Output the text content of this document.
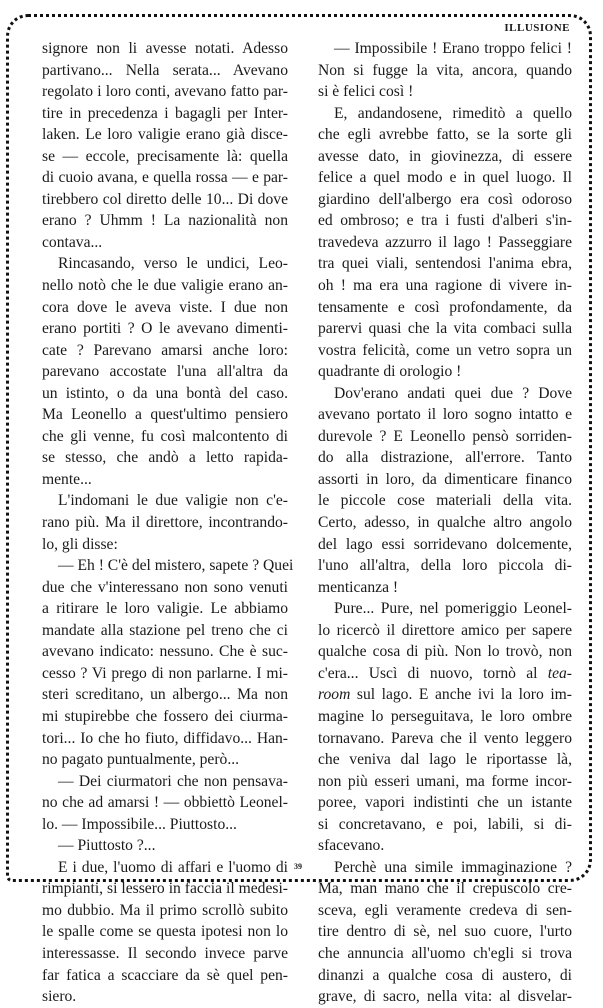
ILLUSIONE
signore non li avesse notati. Adesso
partivano... Nella serata... Avevano
regolato i loro conti, avevano fatto par-
tire in precedenza i bagagli per Inter-
laken. Le loro valigie erano già disce-
se — eccole, precisamente là: quella
di cuoio avana, e quella rossa — e par-
tirebbero col diretto delle 10... Di dove
erano ? Uhmm ! La nazionalità non
contava...
Rincasando, verso le undici, Leo-
nello notò che le due valigie erano an-
cora dove le aveva viste. I due non
erano portiti ? O le avevano dimenti-
cate ? Parevano amarsi anche loro:
parevano accostate l'una all'altra da
un istinto, o da una bontà del caso.
Ma Leonello a quest'ultimo pensiero
che gli venne, fu così malcontento di
se stesso, che andò a letto rapida-
mente...
L'indomani le due valigie non c'e-
rano più. Ma il direttore, incontrando-
lo, gli disse:
— Eh ! C'è del mistero, sapete ? Quei
due che v'interessano non sono venuti
a ritirare le loro valigie. Le abbiamo
mandate alla stazione pel treno che ci
avevano indicato: nessuno. Che è suc-
cesso ? Vi prego di non parlarne. I mi-
steri screditano, un albergo... Ma non
mi stupirebbe che fossero dei ciurma-
tori... Io che ho fiuto, diffidavo... Han-
no pagato puntualmente, però...
— Dei ciurmatori che non pensava-
no che ad amarsi ! — obbiettò Leonel-
lo. — Impossibile... Piuttosto...
— Piuttosto ?...
E i due, l'uomo di affari e l'uomo di
rimpianti, si lessero in faccia il medesi-
mo dubbio. Ma il primo scrollò subito
le spalle come se questa ipotesi non lo
interessasse. Il secondo invece parve
far fatica a scacciare da sè quel pen-
siero.
— Impossibile ! Erano troppo felici !
Non si fugge la vita, ancora, quando
si è felici così !
E, andandosene, rimeditò a quello
che egli avrebbe fatto, se la sorte gli
avesse dato, in giovinezza, di essere
felice a quel modo e in quel luogo. Il
giardino dell'albergo era così odoroso
ed ombroso; e tra i fusti d'alberi s'in-
travedeva azzurro il lago ! Passeggiare
tra quei viali, sentendosi l'anima ebra,
oh ! ma era una ragione di vivere in-
tensamente e così profondamente, da
parervi quasi che la vita combaci sulla
vostra felicità, come un vetro sopra un
quadrante di orologio !
Dov'erano andati quei due ? Dove
avevano portato il loro sogno intatto e
durevole ? E Leonello pensò sorriden-
do alla distrazione, all'errore. Tanto
assorti in loro, da dimenticare financo
le piccole cose materiali della vita.
Certo, adesso, in qualche altro angolo
del lago essi sorridevano dolcemente,
l'uno all'altra, della loro piccola di-
menticanza !
Pure... Pure, nel pomeriggio Leonel-
lo ricercò il direttore amico per sapere
qualche cosa di più. Non lo trovò, non
c'era... Uscì di nuovo, tornò al tea-
room sul lago. E anche ivi la loro im-
magine lo perseguitava, le loro ombre
tornavano. Pareva che il vento leggero
che veniva dal lago le riportasse là,
non più esseri umani, ma forme incor-
poree, vapori indistinti che un istante
si concretavano, e poi, labili, si di-
sfacevano.
Perchè una simile immaginazione ?
Ma, man mano che il crepuscolo cre-
sceva, egli veramente credeva di sen-
tire dentro di sè, nel suo cuore, l'urto
che annuncia all'uomo ch'egli si trova
dinanzi a qualche cosa di austero, di
grave, di sacro, nella vita: al disvelar-
39
